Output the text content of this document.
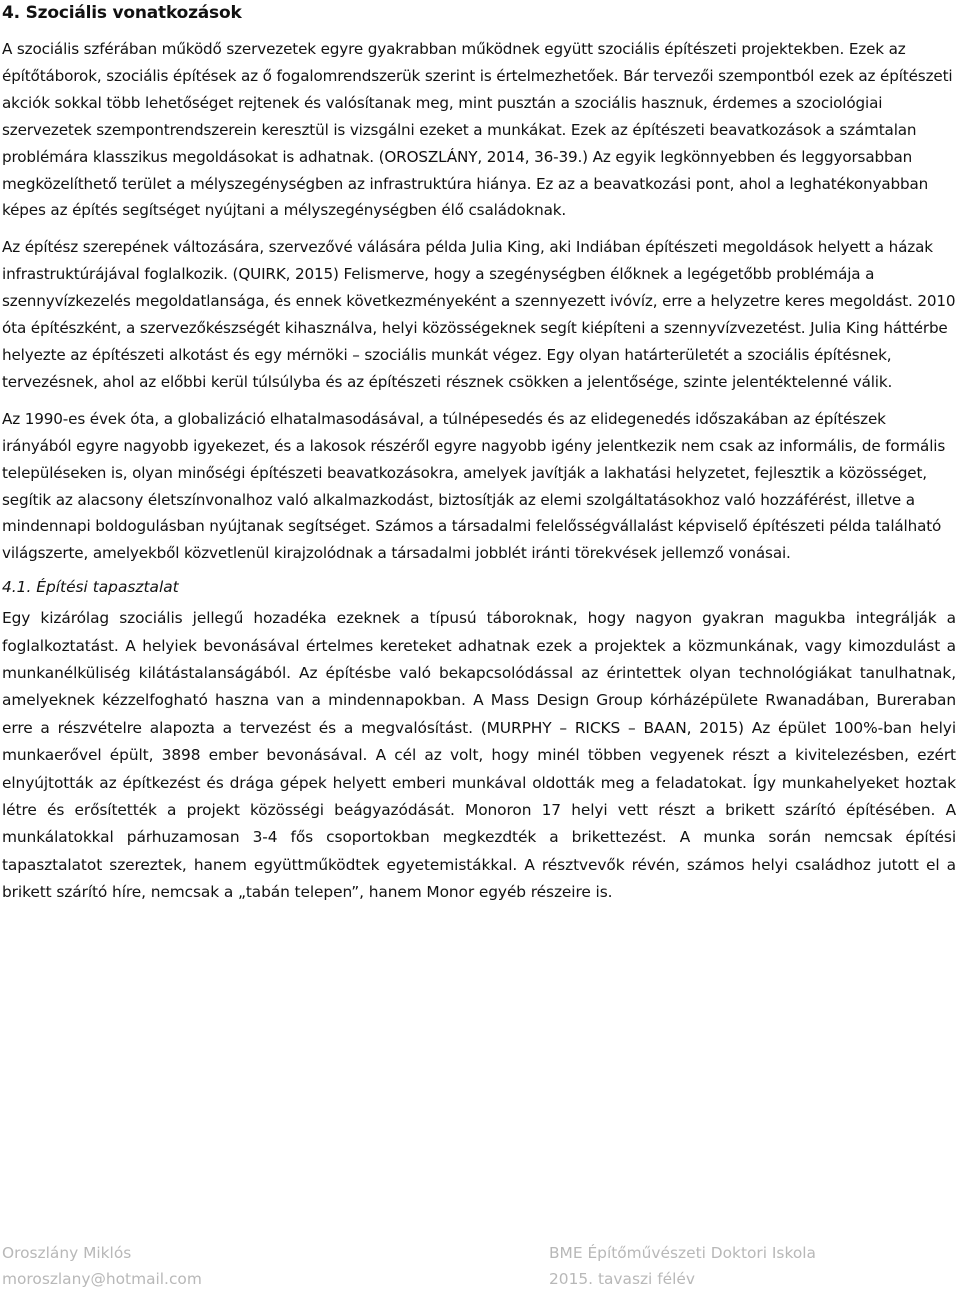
4. Szociális vonatkozások

A szociális szférában működő szervezetek egyre gyakrabban működnek együtt szociális építészeti projektekben. Ezek az építőtáborok, szociális építések az ő fogalomrendszerük szerint is értelmezhetőek. Bár tervezői szempontból ezek az építészeti akciók sokkal több lehetőséget rejtenek és valósítanak meg, mint pusztán a szociális hasznuk, érdemes a szociológiai szervezetek szempontrendszerein keresztül is vizsgálni ezeket a munkákat. Ezek az építészeti beavatkozások a számtalan problémára klasszikus megoldásokat is adhatnak. (OROSZLÁNY, 2014, 36-39.) Az egyik legkönnyebben és leggyorsabban megközelíthető terület a mélyszegénységben az infrastruktúra hiánya. Ez az a beavatkozási pont, ahol a leghatékonyabban képes az építés segítséget nyújtani a mélyszegénységben élő családoknak.

Az építész szerepének változására, szervezővé válására példa Julia King, aki Indiában építészeti megoldások helyett a házak infrastruktúrájával foglalkozik. (QUIRK, 2015) Felismerve, hogy a szegénységben élőknek a legégetőbb problémája a szennyvízkezelés megoldatlansága, és ennek következményeként a szennyezett ivóvíz, erre a helyzetre keres megoldást. 2010 óta építészként, a szervezőkészségét kihasználva, helyi közösségeknek segít kiépíteni a szennyvízvezetést. Julia King háttérbe helyezte az építészeti alkotást és egy mérnöki – szociális munkát végez. Egy olyan határterületét a szociális építésnek, tervezésnek, ahol az előbbi kerül túlsúlyba és az építészeti résznek csökken a jelentősége, szinte jelentéktelenné válik.

Az 1990-es évek óta, a globalizáció elhatalmasodásával, a túlnépesedés és az elidegenedés időszakában az építészek irányából egyre nagyobb igyekezet, és a lakosok részéről egyre nagyobb igény jelentkezik nem csak az informális, de formális településeken is, olyan minőségi építészeti beavatkozásokra, amelyek javítják a lakhatási helyzetet, fejlesztik a közösséget, segítik az alacsony életszínvonalhoz való alkalmazkodást, biztosítják az elemi szolgáltatásokhoz való hozzáférést, illetve a mindennapi boldogulásban nyújtanak segítséget. Számos a társadalmi felelősségvállalást képviselő építészeti példa található világszerte, amelyekből közvetlenül kirajzolódnak a társadalmi jobblét iránti törekvések jellemző vonásai.

4.1. Építési tapasztalat

Egy kizárólag szociális jellegű hozadéka ezeknek a típusú táboroknak, hogy nagyon gyakran magukba integrálják a foglalkoztatást. A helyiek bevonásával értelmes kereteket adhatnak ezek a projektek a közmunkának, vagy kimozdulást a munkanélküliség kilátástalanságából. Az építésbe való bekapcsolódással az érintettek olyan technológiákat tanulhatnak, amelyeknek kézzelfogható haszna van a mindennapokban. A Mass Design Group kórházépülete Rwanadában, Bureraban erre a részvételre alapozta a tervezést és a megvalósítást. (MURPHY – RICKS – BAAN, 2015) Az épület 100%-ban helyi munkaerővel épült, 3898 ember bevonásával. A cél az volt, hogy minél többen vegyenek részt a kivitelezésben, ezért elnyújtották az építkezést és drága gépek helyett emberi munkával oldották meg a feladatokat. Így munkahelyeket hoztak létre és erősítették a projekt közösségi beágyazódását. Monoron 17 helyi vett részt a brikett szárító építésében. A munkálatokkal párhuzamosan 3-4 fős csoportokban megkezdték a brikettezést. A munka során nemcsak építési tapasztalatot szereztek, hanem együttműködtek egyetemistákkal. A résztvevők révén, számos helyi családhoz jutott el a brikett szárító híre, nemcsak a „tabán telepen”, hanem Monor egyéb részeire is.

Oroszlány Miklós
moroszlany@hotmail.com
BME Építőművészeti Doktori Iskola
2015. tavaszi félév
